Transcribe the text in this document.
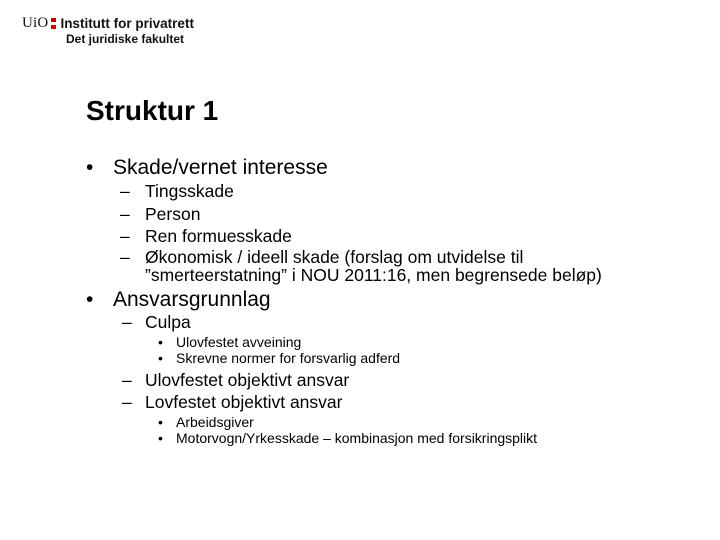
UiO Institutt for privatrett
Det juridiske fakultet
Struktur 1
• Skade/vernet interesse
– Tingsskade
– Person
– Ren formuesskade
– Økonomisk / ideell skade (forslag om utvidelse til
”smerteerstatning” i NOU 2011:16, men begrensede beløp)
• Ansvarsgrunnlag
– Culpa
• Ulovfestet avveining
• Skrevne normer for forsvarlig adferd
– Ulovfestet objektivt ansvar
– Lovfestet objektivt ansvar
• Arbeidsgiver
• Motorvogn/Yrkesskade – kombinasjon med forsikringsplikt
